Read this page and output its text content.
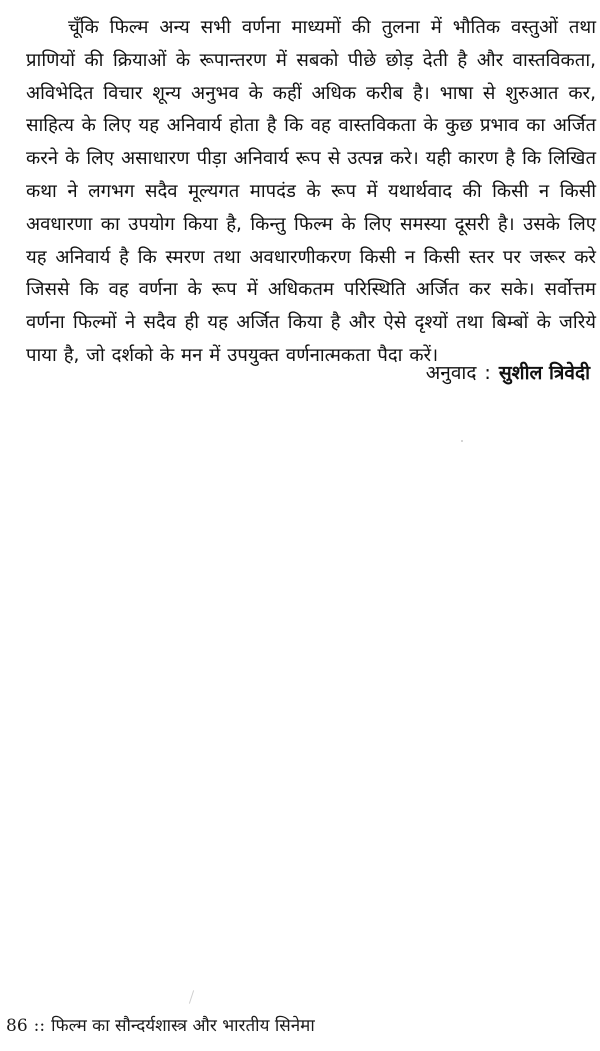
चूँकि फिल्म अन्य सभी वर्णना माध्यमों की तुलना में भौतिक वस्तुओं तथा प्राणियों की क्रियाओं के रूपान्तरण में सबको पीछे छोड़ देती है और वास्तविकता, अविभेदित विचार शून्य अनुभव के कहीं अधिक करीब है। भाषा से शुरुआत कर, साहित्य के लिए यह अनिवार्य होता है कि वह वास्तविकता के कुछ प्रभाव का अर्जित करने के लिए असाधारण पीड़ा अनिवार्य रूप से उत्पन्न करे। यही कारण है कि लिखित कथा ने लगभग सदैव मूल्यगत मापदंड के रूप में यथार्थवाद की किसी न किसी अवधारणा का उपयोग किया है, किन्तु फिल्म के लिए समस्या दूसरी है। उसके लिए यह अनिवार्य है कि स्मरण तथा अवधारणीकरण किसी न किसी स्तर पर जरूर करे जिससे कि वह वर्णना के रूप में अधिकतम परिस्थिति अर्जित कर सके। सर्वोत्तम वर्णना फिल्मों ने सदैव ही यह अर्जित किया है और ऐसे दृश्यों तथा बिम्बों के जरिये पाया है, जो दर्शको के मन में उपयुक्त वर्णनात्मकता पैदा करें।

अनुवाद : सुशील त्रिवेदी
86 :: फिल्म का सौन्दर्यशास्त्र और भारतीय सिनेमा
